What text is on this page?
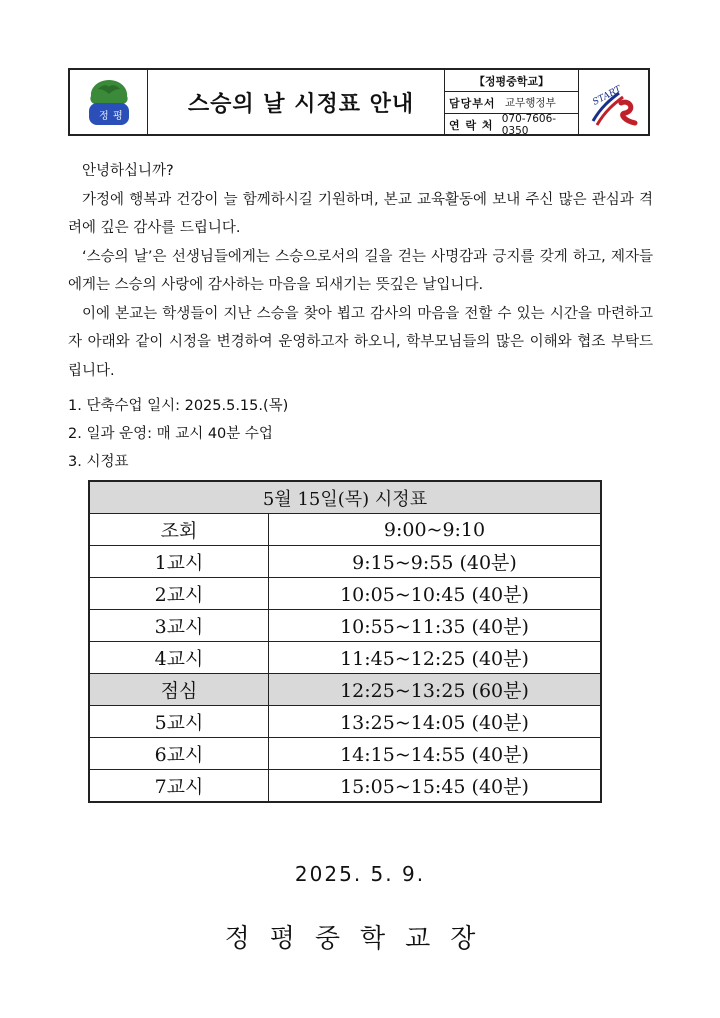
정 평	스승의 날 시정표 안내
【정평중학교】
담당부서 교무행정부
연 락 처 070-7606-0350
START

안녕하십니까?

가정에 행복과 건강이 늘 함께하시길 기원하며, 본교 교육활동에 보내 주신 많은 관심과 격려에 깊은 감사를 드립니다.

‘스승의 날’은 선생님들에게는 스승으로서의 길을 걷는 사명감과 긍지를 갖게 하고, 제자들에게는 스승의 사랑에 감사하는 마음을 되새기는 뜻깊은 날입니다.

이에 본교는 학생들이 지난 스승을 찾아 뵙고 감사의 마음을 전할 수 있는 시간을 마련하고자 아래와 같이 시정을 변경하여 운영하고자 하오니, 학부모님들의 많은 이해와 협조 부탁드립니다.

1. 단축수업 일시: 2025.5.15.(목)
2. 일과 운영: 매 교시 40분 수업
3. 시정표
5월 15일(목) 시정표	
조회	9:00~9:10
1교시	9:15~9:55 (40분)
2교시	10:05~10:45 (40분)
3교시	10:55~11:35 (40분)
4교시	11:45~12:25 (40분)
점심	12:25~13:25 (60분)
5교시	13:25~14:05 (40분)
6교시	14:15~14:55 (40분)
7교시	15:05~15:45 (40분)
2025. 5. 9.
정평중학교장
